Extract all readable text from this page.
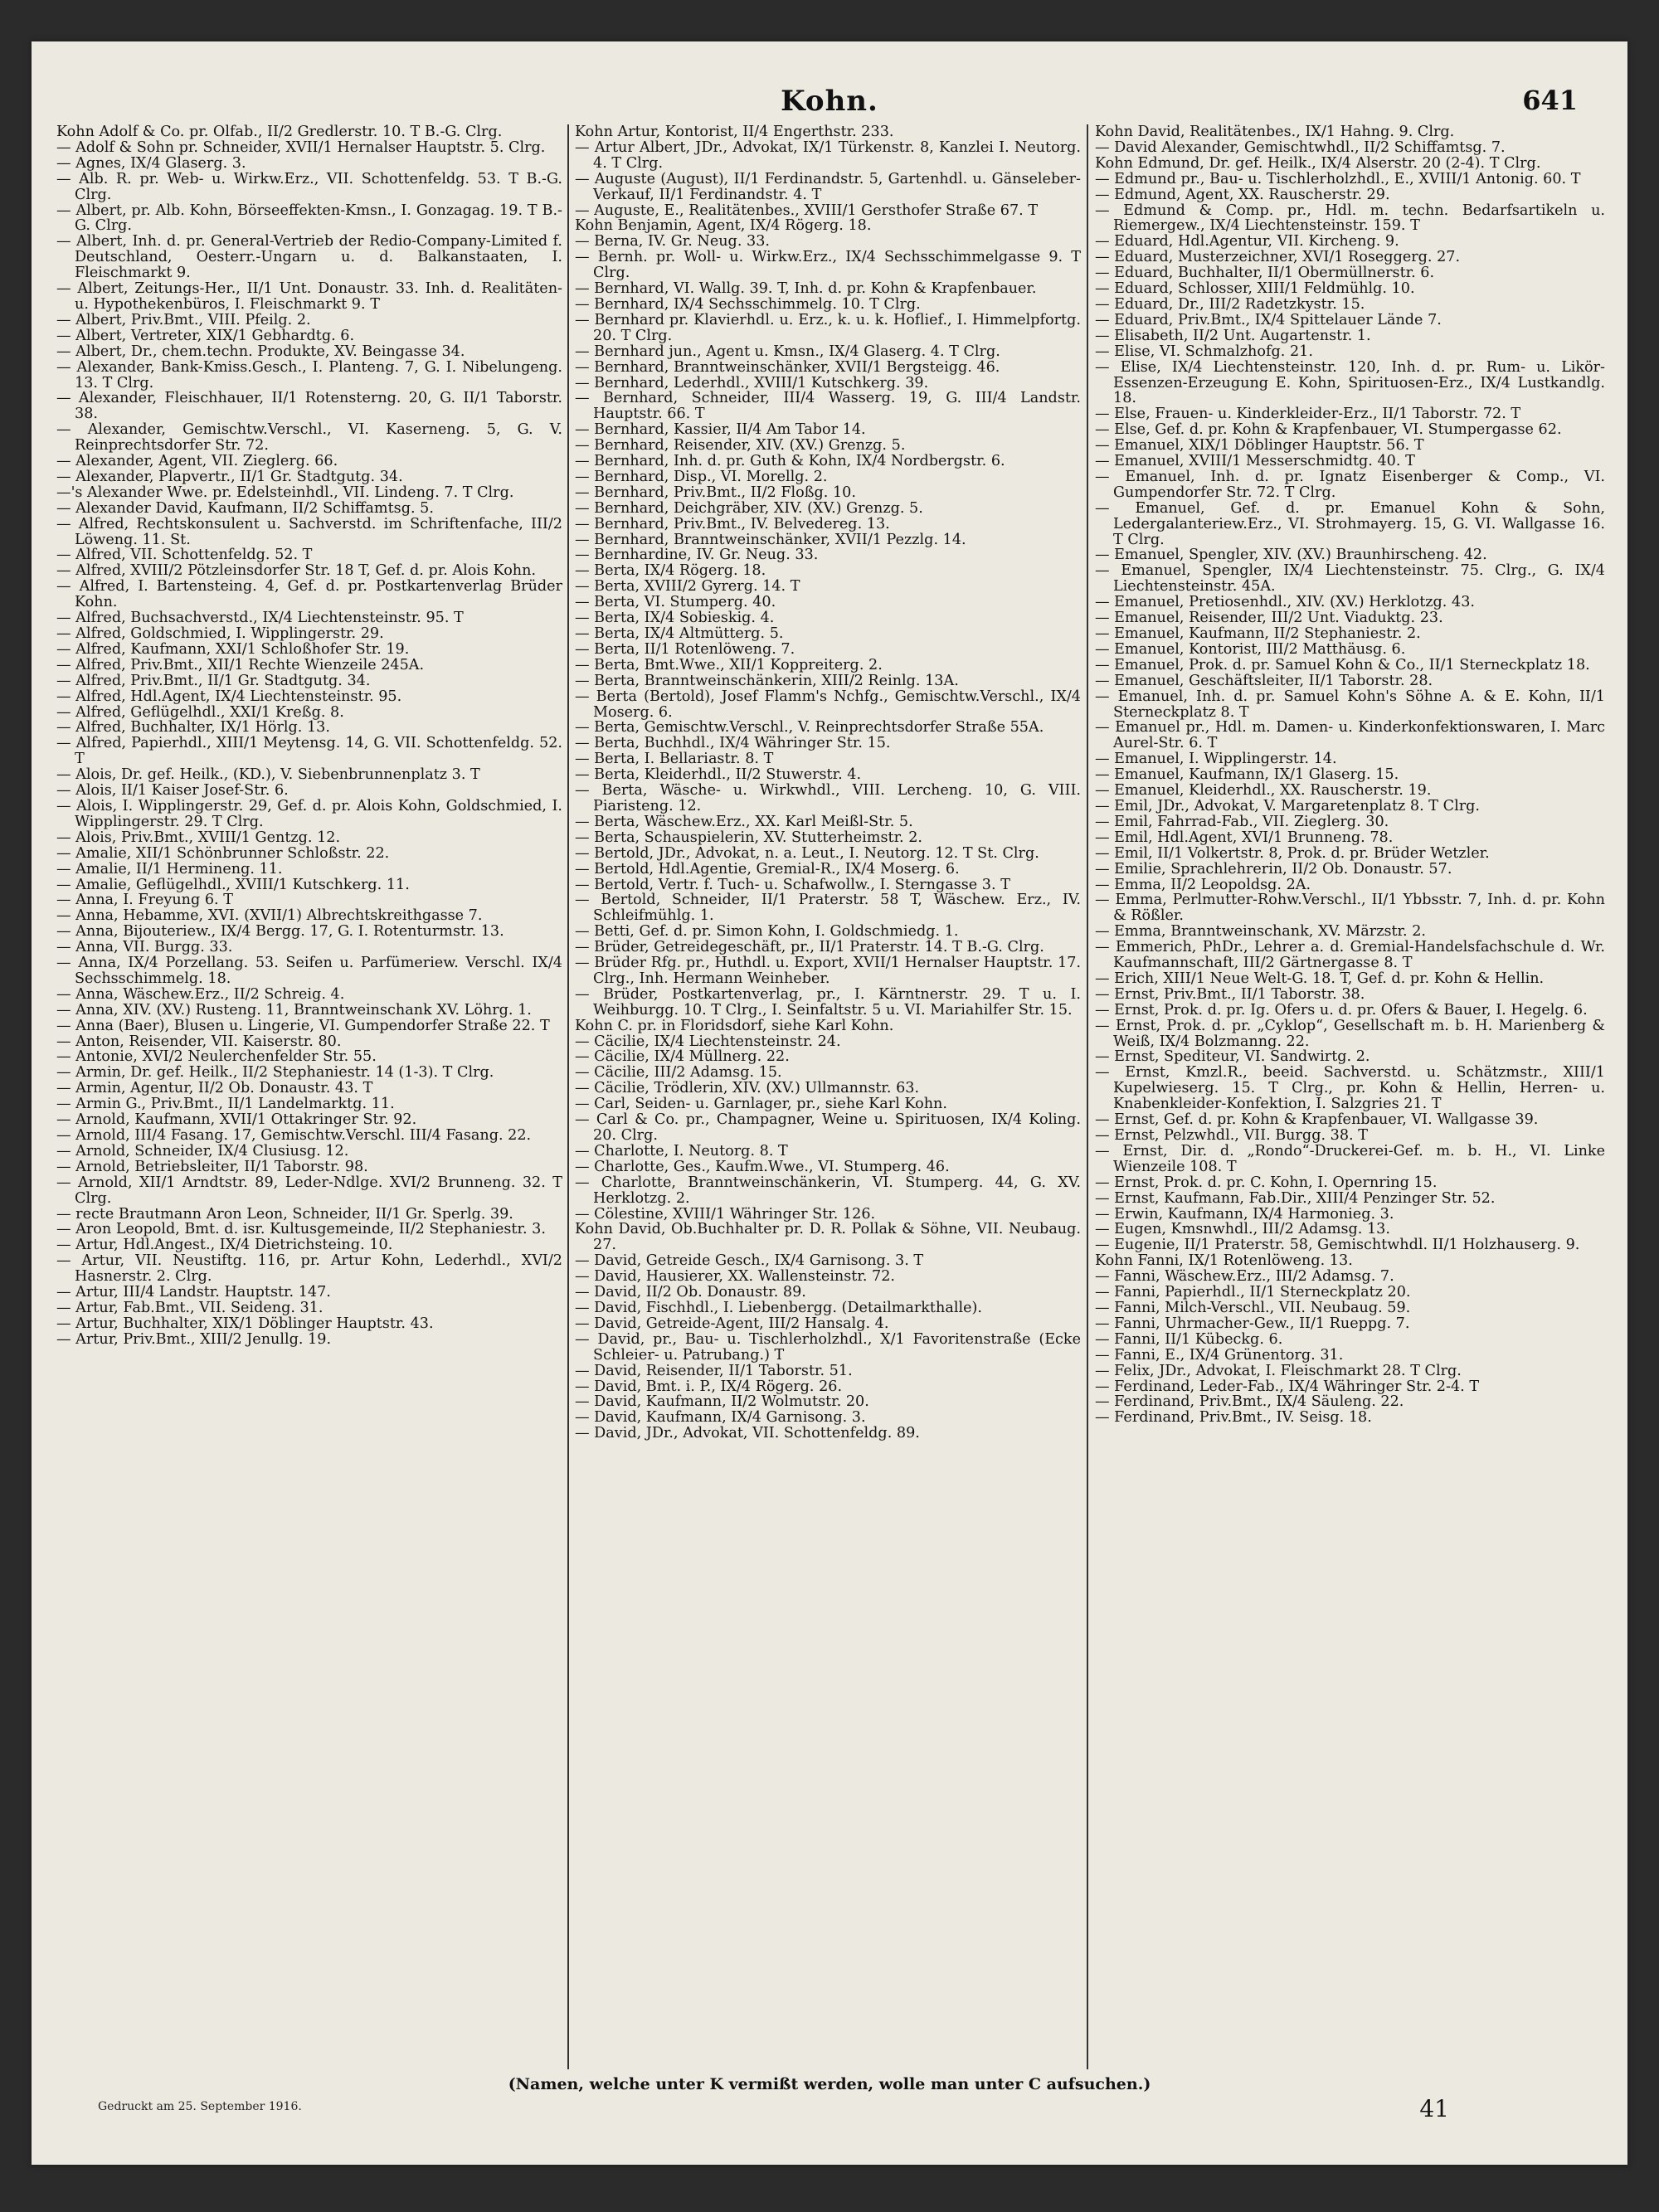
Kohn.	641
Kohn Adolf & Co. pr. Ölfab., II/2 Gredlerstr. 10. T B.-G. Clrg.
— Adolf & Sohn pr. Schneider, XVII/1 Hernalser Hauptstr. 5. Clrg.
— Agnes, IX/4 Glaserg. 3.
— Alb. R. pr. Web- u. Wirkw.Erz., VII. Schottenfeldg. 53. T B.-G. Clrg.
— Albert, pr. Alb. Kohn, Börseeffekten-Kmsn., I. Gonzagag. 19. T B.-G. Clrg.
— Albert, Inh. d. pr. General-Vertrieb der Redio-Company-Limited f. Deutschland, Oesterr.-Ungarn u. d. Balkanstaaten, I. Fleischmarkt 9.
— Albert, Zeitungs-Her., II/1 Unt. Donaustr. 33. Inh. d. Realitäten- u. Hypothekenbüros, I. Fleischmarkt 9. T
— Albert, Priv.Bmt., VIII. Pfeilg. 2.
— Albert, Vertreter, XIX/1 Gebhardtg. 6.
— Albert, Dr., chem.techn. Produkte, XV. Beingasse 34.
— Alexander, Bank-Kmiss.Gesch., I. Planteng. 7, G. I. Nibelungeng. 13. T Clrg.
— Alexander, Fleischhauer, II/1 Rotensterng. 20, G. II/1 Taborstr. 38.
— Alexander, Gemischtw.Verschl., VI. Kaserneng. 5, G. V. Reinprechtsdorfer Str. 72.
— Alexander, Agent, VII. Zieglerg. 66.
— Alexander, Plapvertr., II/1 Gr. Stadtgutg. 34.
—'s Alexander Wwe. pr. Edelsteinhdl., VII. Lindeng. 7. T Clrg.
— Alexander David, Kaufmann, II/2 Schiffamtsg. 5.
— Alfred, Rechtskonsulent u. Sachverstd. im Schriftenfache, III/2 Löweng. 11. St.
— Alfred, VII. Schottenfeldg. 52. T
— Alfred, XVIII/2 Pötzleinsdorfer Str. 18 T, Gef. d. pr. Alois Kohn.
— Alfred, I. Bartensteing. 4, Gef. d. pr. Postkartenverlag Brüder Kohn.
— Alfred, Buchsachverstd., IX/4 Liechtensteinstr. 95. T
— Alfred, Goldschmied, I. Wipplingerstr. 29.
— Alfred, Kaufmann, XXI/1 Schloßhofer Str. 19.
— Alfred, Priv.Bmt., XII/1 Rechte Wienzeile 245A.
— Alfred, Priv.Bmt., II/1 Gr. Stadtgutg. 34.
— Alfred, Hdl.Agent, IX/4 Liechtensteinstr. 95.
— Alfred, Geflügelhdl., XXI/1 Kreßg. 8.
— Alfred, Buchhalter, IX/1 Hörlg. 13.
— Alfred, Papierhdl., XIII/1 Meytensg. 14, G. VII. Schottenfeldg. 52. T
— Alois, Dr. gef. Heilk., (KD.), V. Siebenbrunnenplatz 3. T
— Alois, II/1 Kaiser Josef-Str. 6.
— Alois, I. Wipplingerstr. 29, Gef. d. pr. Alois Kohn, Goldschmied, I. Wipplingerstr. 29. T Clrg.
— Alois, Priv.Bmt., XVIII/1 Gentzg. 12.
— Amalie, XII/1 Schönbrunner Schloßstr. 22.
— Amalie, II/1 Hermineng. 11.
— Amalie, Geflügelhdl., XVIII/1 Kutschkerg. 11.
— Anna, I. Freyung 6. T
— Anna, Hebamme, XVI. (XVII/1) Albrechtskreithgasse 7.
— Anna, Bijouteriew., IX/4 Bergg. 17, G. I. Rotenturmstr. 13.
— Anna, VII. Burgg. 33.
— Anna, IX/4 Porzellang. 53. Seifen u. Parfümeriew. Verschl. IX/4 Sechsschimmelg. 18.
— Anna, Wäschew.Erz., II/2 Schreig. 4.
— Anna, XIV. (XV.) Rusteng. 11, Branntweinschank XV. Löhrg. 1.
— Anna (Baer), Blusen u. Lingerie, VI. Gumpendorfer Straße 22. T
— Anton, Reisender, VII. Kaiserstr. 80.
— Antonie, XVI/2 Neulerchenfelder Str. 55.
— Armin, Dr. gef. Heilk., II/2 Stephaniestr. 14 (1-3). T Clrg.
— Armin, Agentur, II/2 Ob. Donaustr. 43. T
— Armin G., Priv.Bmt., II/1 Landelmarktg. 11.
— Arnold, Kaufmann, XVII/1 Ottakringer Str. 92.
— Arnold, III/4 Fasang. 17, Gemischtw.Verschl. III/4 Fasang. 22.
— Arnold, Schneider, IX/4 Clusiusg. 12.
— Arnold, Betriebsleiter, II/1 Taborstr. 98.
— Arnold, XII/1 Arndtstr. 89, Leder-Ndlge. XVI/2 Brunneng. 32. T Clrg.
— recte Brautmann Aron Leon, Schneider, II/1 Gr. Sperlg. 39.
— Aron Leopold, Bmt. d. isr. Kultusgemeinde, II/2 Stephaniestr. 3.
— Artur, Hdl.Angest., IX/4 Dietrichsteing. 10.
— Artur, VII. Neustiftg. 116, pr. Artur Kohn, Lederhdl., XVI/2 Hasnerstr. 2. Clrg.
— Artur, III/4 Landstr. Hauptstr. 147.
— Artur, Fab.Bmt., VII. Seideng. 31.
— Artur, Buchhalter, XIX/1 Döblinger Hauptstr. 43.
— Artur, Priv.Bmt., XIII/2 Jenullg. 19.
Kohn Artur, Kontorist, II/4 Engerthstr. 233.
— Artur Albert, JDr., Advokat, IX/1 Türkenstr. 8, Kanzlei I. Neutorg. 4. T Clrg.
— Auguste (August), II/1 Ferdinandstr. 5, Gartenhdl. u. Gänseleber-Verkauf, II/1 Ferdinandstr. 4. T
— Auguste, E., Realitätenbes., XVIII/1 Gersthofer Straße 67. T
Kohn Benjamin, Agent, IX/4 Rögerg. 18.
— Berna, IV. Gr. Neug. 33.
— Bernh. pr. Woll- u. Wirkw.Erz., IX/4 Sechsschimmelgasse 9. T Clrg.
— Bernhard, VI. Wallg. 39. T, Inh. d. pr. Kohn & Krapfenbauer.
— Bernhard, IX/4 Sechsschimmelg. 10. T Clrg.
— Bernhard pr. Klavierhdl. u. Erz., k. u. k. Hoflief., I. Himmelpfortg. 20. T Clrg.
— Bernhard jun., Agent u. Kmsn., IX/4 Glaserg. 4. T Clrg.
— Bernhard, Branntweinschänker, XVII/1 Bergsteigg. 46.
— Bernhard, Lederhdl., XVIII/1 Kutschkerg. 39.
— Bernhard, Schneider, III/4 Wasserg. 19, G. III/4 Landstr. Hauptstr. 66. T
— Bernhard, Kassier, II/4 Am Tabor 14.
— Bernhard, Reisender, XIV. (XV.) Grenzg. 5.
— Bernhard, Inh. d. pr. Guth & Kohn, IX/4 Nordbergstr. 6.
— Bernhard, Disp., VI. Morellg. 2.
— Bernhard, Priv.Bmt., II/2 Floßg. 10.
— Bernhard, Deichgräber, XIV. (XV.) Grenzg. 5.
— Bernhard, Priv.Bmt., IV. Belvedereg. 13.
— Bernhard, Branntweinschänker, XVII/1 Pezzlg. 14.
— Bernhardine, IV. Gr. Neug. 33.
— Berta, IX/4 Rögerg. 18.
— Berta, XVIII/2 Gyrerg. 14. T
— Berta, VI. Stumperg. 40.
— Berta, IX/4 Sobieskig. 4.
— Berta, IX/4 Altmütterg. 5.
— Berta, II/1 Rotenlöweng. 7.
— Berta, Bmt.Wwe., XII/1 Koppreiterg. 2.
— Berta, Branntweinschänkerin, XIII/2 Reinlg. 13A.
— Berta (Bertold), Josef Flamm's Nchfg., Gemischtw.Verschl., IX/4 Moserg. 6.
— Berta, Gemischtw.Verschl., V. Reinprechtsdorfer Straße 55A.
— Berta, Buchhdl., IX/4 Währinger Str. 15.
— Berta, I. Bellariastr. 8. T
— Berta, Kleiderhdl., II/2 Stuwerstr. 4.
— Berta, Wäsche- u. Wirkwhdl., VIII. Lercheng. 10, G. VIII. Piaristeng. 12.
— Berta, Wäschew.Erz., XX. Karl Meißl-Str. 5.
— Berta, Schauspielerin, XV. Stutterheimstr. 2.
— Bertold, JDr., Advokat, n. a. Leut., I. Neutorg. 12. T St. Clrg.
— Bertold, Hdl.Agentie, Gremial-R., IX/4 Moserg. 6.
— Bertold, Vertr. f. Tuch- u. Schafwollw., I. Sterngasse 3. T
— Bertold, Schneider, II/1 Praterstr. 58 T, Wäschew. Erz., IV. Schleifmühlg. 1.
— Betti, Gef. d. pr. Simon Kohn, I. Goldschmiedg. 1.
— Brüder, Getreidegeschäft, pr., II/1 Praterstr. 14. T B.-G. Clrg.
— Brüder Rfg. pr., Huthdl. u. Export, XVII/1 Hernalser Hauptstr. 17. Clrg., Inh. Hermann Weinheber.
— Brüder, Postkartenverlag, pr., I. Kärntnerstr. 29. T u. I. Weihburgg. 10. T Clrg., I. Seinfaltstr. 5 u. VI. Mariahilfer Str. 15.
Kohn C. pr. in Floridsdorf, siehe Karl Kohn.
— Cäcilie, IX/4 Liechtensteinstr. 24.
— Cäcilie, IX/4 Müllnerg. 22.
— Cäcilie, III/2 Adamsg. 15.
— Cäcilie, Trödlerin, XIV. (XV.) Ullmannstr. 63.
— Carl, Seiden- u. Garnlager, pr., siehe Karl Kohn.
— Carl & Co. pr., Champagner, Weine u. Spirituosen, IX/4 Koling. 20. Clrg.
— Charlotte, I. Neutorg. 8. T
— Charlotte, Ges., Kaufm.Wwe., VI. Stumperg. 46.
— Charlotte, Branntweinschänkerin, VI. Stumperg. 44, G. XV. Herklotzg. 2.
— Cölestine, XVIII/1 Währinger Str. 126.
Kohn David, Ob.Buchhalter pr. D. R. Pollak & Söhne, VII. Neubaug. 27.
— David, Getreide Gesch., IX/4 Garnisong. 3. T
— David, Hausierer, XX. Wallensteinstr. 72.
— David, II/2 Ob. Donaustr. 89.
— David, Fischhdl., I. Liebenbergg. (Detailmarkthalle).
— David, Getreide-Agent, III/2 Hansalg. 4.
— David, pr., Bau- u. Tischlerholzhdl., X/1 Favoritenstraße (Ecke Schleier- u. Patrubang.) T
— David, Reisender, II/1 Taborstr. 51.
— David, Bmt. i. P., IX/4 Rögerg. 26.
— David, Kaufmann, II/2 Wolmutstr. 20.
— David, Kaufmann, IX/4 Garnisong. 3.
— David, JDr., Advokat, VII. Schottenfeldg. 89.
Kohn David, Realitätenbes., IX/1 Hahng. 9. Clrg.
— David Alexander, Gemischtwhdl., II/2 Schiffamtsg. 7.
Kohn Edmund, Dr. gef. Heilk., IX/4 Alserstr. 20 (2-4). T Clrg.
— Edmund pr., Bau- u. Tischlerholzhdl., E., XVIII/1 Antonig. 60. T
— Edmund, Agent, XX. Rauscherstr. 29.
— Edmund & Comp. pr., Hdl. m. techn. Bedarfsartikeln u. Riemergew., IX/4 Liechtensteinstr. 159. T
— Eduard, Hdl.Agentur, VII. Kircheng. 9.
— Eduard, Musterzeichner, XVI/1 Roseggerg. 27.
— Eduard, Buchhalter, II/1 Obermüllnerstr. 6.
— Eduard, Schlosser, XIII/1 Feldmühlg. 10.
— Eduard, Dr., III/2 Radetzkystr. 15.
— Eduard, Priv.Bmt., IX/4 Spittelauer Lände 7.
— Elisabeth, II/2 Unt. Augartenstr. 1.
— Elise, VI. Schmalzhofg. 21.
— Elise, IX/4 Liechtensteinstr. 120, Inh. d. pr. Rum- u. Likör-Essenzen-Erzeugung E. Kohn, Spirituosen-Erz., IX/4 Lustkandlg. 18.
— Else, Frauen- u. Kinderkleider-Erz., II/1 Taborstr. 72. T
— Else, Gef. d. pr. Kohn & Krapfenbauer, VI. Stumpergasse 62.
— Emanuel, XIX/1 Döblinger Hauptstr. 56. T
— Emanuel, XVIII/1 Messerschmidtg. 40. T
— Emanuel, Inh. d. pr. Ignatz Eisenberger & Comp., VI. Gumpendorfer Str. 72. T Clrg.
— Emanuel, Gef. d. pr. Emanuel Kohn & Sohn, Ledergalanteriew.Erz., VI. Strohmayerg. 15, G. VI. Wallgasse 16. T Clrg.
— Emanuel, Spengler, XIV. (XV.) Braunhirscheng. 42.
— Emanuel, Spengler, IX/4 Liechtensteinstr. 75. Clrg., G. IX/4 Liechtensteinstr. 45A.
— Emanuel, Pretiosenhdl., XIV. (XV.) Herklotzg. 43.
— Emanuel, Reisender, III/2 Unt. Viaduktg. 23.
— Emanuel, Kaufmann, II/2 Stephaniestr. 2.
— Emanuel, Kontorist, III/2 Matthäusg. 6.
— Emanuel, Prok. d. pr. Samuel Kohn & Co., II/1 Sterneckplatz 18.
— Emanuel, Geschäftsleiter, II/1 Taborstr. 28.
— Emanuel, Inh. d. pr. Samuel Kohn's Söhne A. & E. Kohn, II/1 Sterneckplatz 8. T
— Emanuel pr., Hdl. m. Damen- u. Kinderkonfektionswaren, I. Marc Aurel-Str. 6. T
— Emanuel, I. Wipplingerstr. 14.
— Emanuel, Kaufmann, IX/1 Glaserg. 15.
— Emanuel, Kleiderhdl., XX. Rauscherstr. 19.
— Emil, JDr., Advokat, V. Margaretenplatz 8. T Clrg.
— Emil, Fahrrad-Fab., VII. Zieglerg. 30.
— Emil, Hdl.Agent, XVI/1 Brunneng. 78.
— Emil, II/1 Volkertstr. 8, Prok. d. pr. Brüder Wetzler.
— Emilie, Sprachlehrerin, II/2 Ob. Donaustr. 57.
— Emma, II/2 Leopoldsg. 2A.
— Emma, Perlmutter-Rohw.Verschl., II/1 Ybbsstr. 7, Inh. d. pr. Kohn & Rößler.
— Emma, Branntweinschank, XV. Märzstr. 2.
— Emmerich, PhDr., Lehrer a. d. Gremial-Handelsfachschule d. Wr. Kaufmannschaft, III/2 Gärtnergasse 8. T
— Erich, XIII/1 Neue Welt-G. 18. T, Gef. d. pr. Kohn & Hellin.
— Ernst, Priv.Bmt., II/1 Taborstr. 38.
— Ernst, Prok. d. pr. Ig. Ofers u. d. pr. Ofers & Bauer, I. Hegelg. 6.
— Ernst, Prok. d. pr. „Cyklop“, Gesellschaft m. b. H. Marienberg & Weiß, IX/4 Bolzmanng. 22.
— Ernst, Spediteur, VI. Sandwirtg. 2.
— Ernst, Kmzl.R., beeid. Sachverstd. u. Schätzmstr., XIII/1 Kupelwieserg. 15. T Clrg., pr. Kohn & Hellin, Herren- u. Knabenkleider-Konfektion, I. Salzgries 21. T
— Ernst, Gef. d. pr. Kohn & Krapfenbauer, VI. Wallgasse 39.
— Ernst, Pelzwhdl., VII. Burgg. 38. T
— Ernst, Dir. d. „Rondo“-Druckerei-Gef. m. b. H., VI. Linke Wienzeile 108. T
— Ernst, Prok. d. pr. C. Kohn, I. Opernring 15.
— Ernst, Kaufmann, Fab.Dir., XIII/4 Penzinger Str. 52.
— Erwin, Kaufmann, IX/4 Harmonieg. 3.
— Eugen, Kmsnwhdl., III/2 Adamsg. 13.
— Eugenie, II/1 Praterstr. 58, Gemischtwhdl. II/1 Holzhauserg. 9.
Kohn Fanni, IX/1 Rotenlöweng. 13.
— Fanni, Wäschew.Erz., III/2 Adamsg. 7.
— Fanni, Papierhdl., II/1 Sterneckplatz 20.
— Fanni, Milch-Verschl., VII. Neubaug. 59.
— Fanni, Uhrmacher-Gew., II/1 Rueppg. 7.
— Fanni, II/1 Kübeckg. 6.
— Fanni, E., IX/4 Grünentorg. 31.
— Felix, JDr., Advokat, I. Fleischmarkt 28. T Clrg.
— Ferdinand, Leder-Fab., IX/4 Währinger Str. 2-4. T
— Ferdinand, Priv.Bmt., IX/4 Säuleng. 22.
— Ferdinand, Priv.Bmt., IV. Seisg. 18.
(Namen, welche unter K vermißt werden, wolle man unter C aufsuchen.)
Gedruckt am 25. September 1916.	41
